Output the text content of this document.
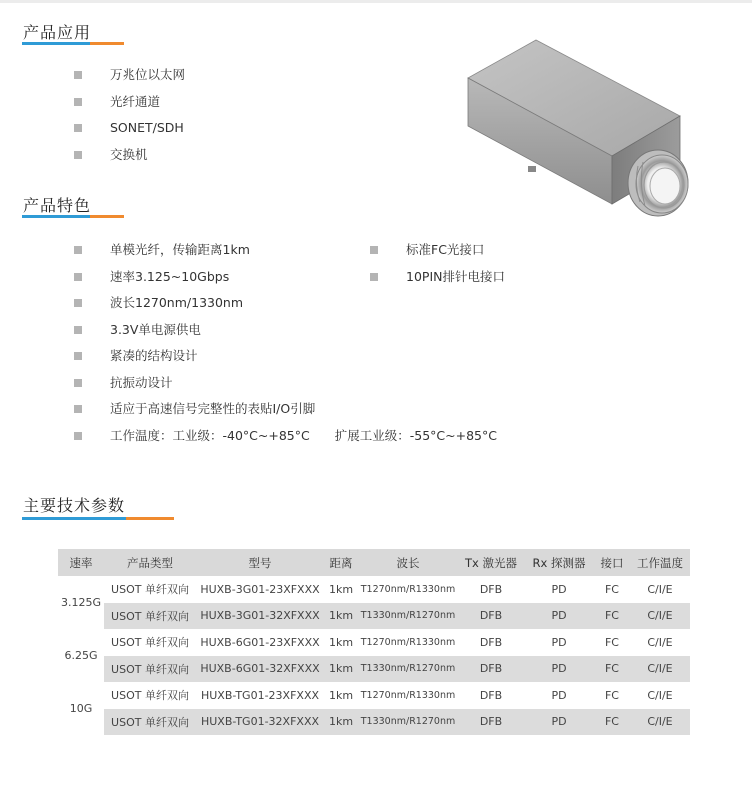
产品应用
万兆位以太网
光纤通道
SONET/SDH
交换机
产品特色
单模光纤，传输距离1km
速率3.125~10Gbps
波长1270nm/1330nm
3.3V单电源供电
紧凑的结构设计
抗振动设计
适应于高速信号完整性的表贴I/O引脚
工作温度：工业级：-40°C~+85°C　　扩展工业级：-55°C~+85°C
标准FC光接口
10PIN排针电接口
主要技术参数
速率	产品类型	型号	距离	波长	Tx 激光器	Rx 探测器	接口	工作温度
3.125G	USOT 单纤双向	HUXB-3G01-23XFXXX	1km	T1270nm/R1330nm	DFB	PD	FC	C/I/E
	USOT 单纤双向	HUXB-3G01-32XFXXX	1km	T1330nm/R1270nm	DFB	PD	FC	C/I/E
6.25G	USOT 单纤双向	HUXB-6G01-23XFXXX	1km	T1270nm/R1330nm	DFB	PD	FC	C/I/E
	USOT 单纤双向	HUXB-6G01-32XFXXX	1km	T1330nm/R1270nm	DFB	PD	FC	C/I/E
10G	USOT 单纤双向	HUXB-TG01-23XFXXX	1km	T1270nm/R1330nm	DFB	PD	FC	C/I/E
	USOT 单纤双向	HUXB-TG01-32XFXXX	1km	T1330nm/R1270nm	DFB	PD	FC	C/I/E
